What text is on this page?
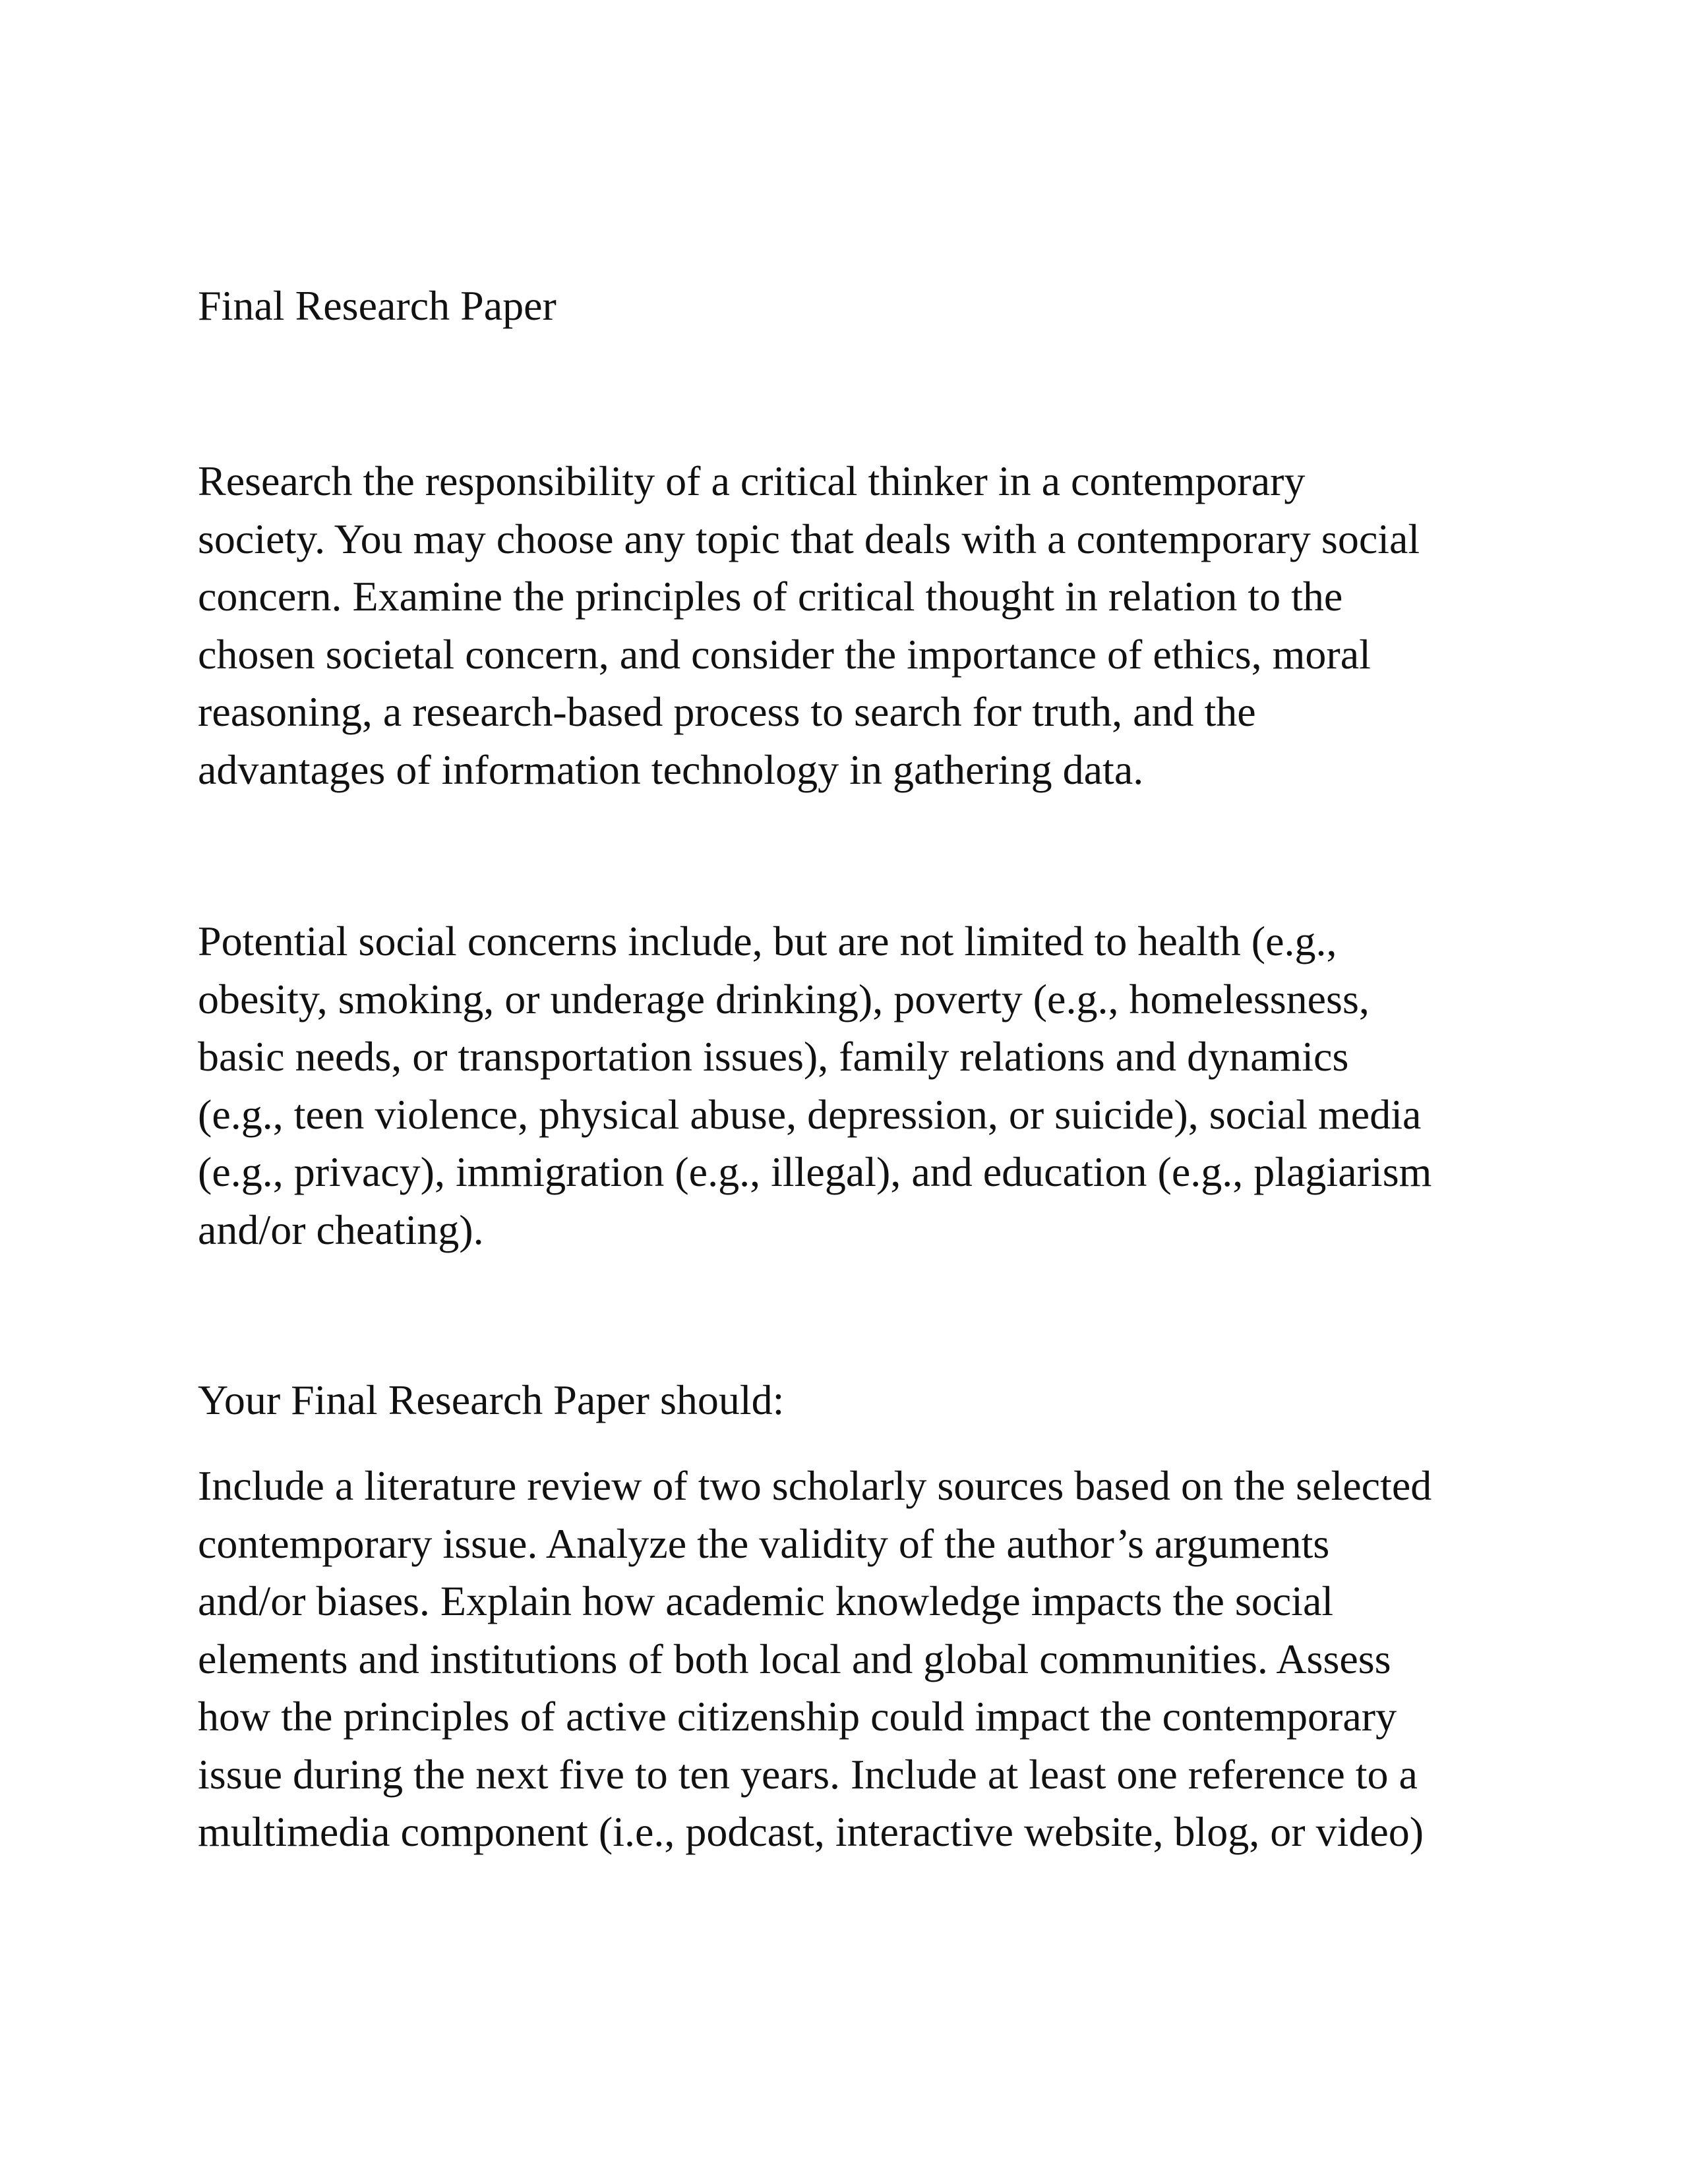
Final Research Paper

Research the responsibility of a critical thinker in a contemporary
society. You may choose any topic that deals with a contemporary social
concern. Examine the principles of critical thought in relation to the
chosen societal concern, and consider the importance of ethics, moral
reasoning, a research-based process to search for truth, and the
advantages of information technology in gathering data.

Potential social concerns include, but are not limited to health (e.g.,
obesity, smoking, or underage drinking), poverty (e.g., homelessness,
basic needs, or transportation issues), family relations and dynamics
(e.g., teen violence, physical abuse, depression, or suicide), social media
(e.g., privacy), immigration (e.g., illegal), and education (e.g., plagiarism
and/or cheating).

Your Final Research Paper should:

Include a literature review of two scholarly sources based on the selected
contemporary issue. Analyze the validity of the author’s arguments
and/or biases. Explain how academic knowledge impacts the social
elements and institutions of both local and global communities. Assess
how the principles of active citizenship could impact the contemporary
issue during the next five to ten years. Include at least one reference to a
multimedia component (i.e., podcast, interactive website, blog, or video)
